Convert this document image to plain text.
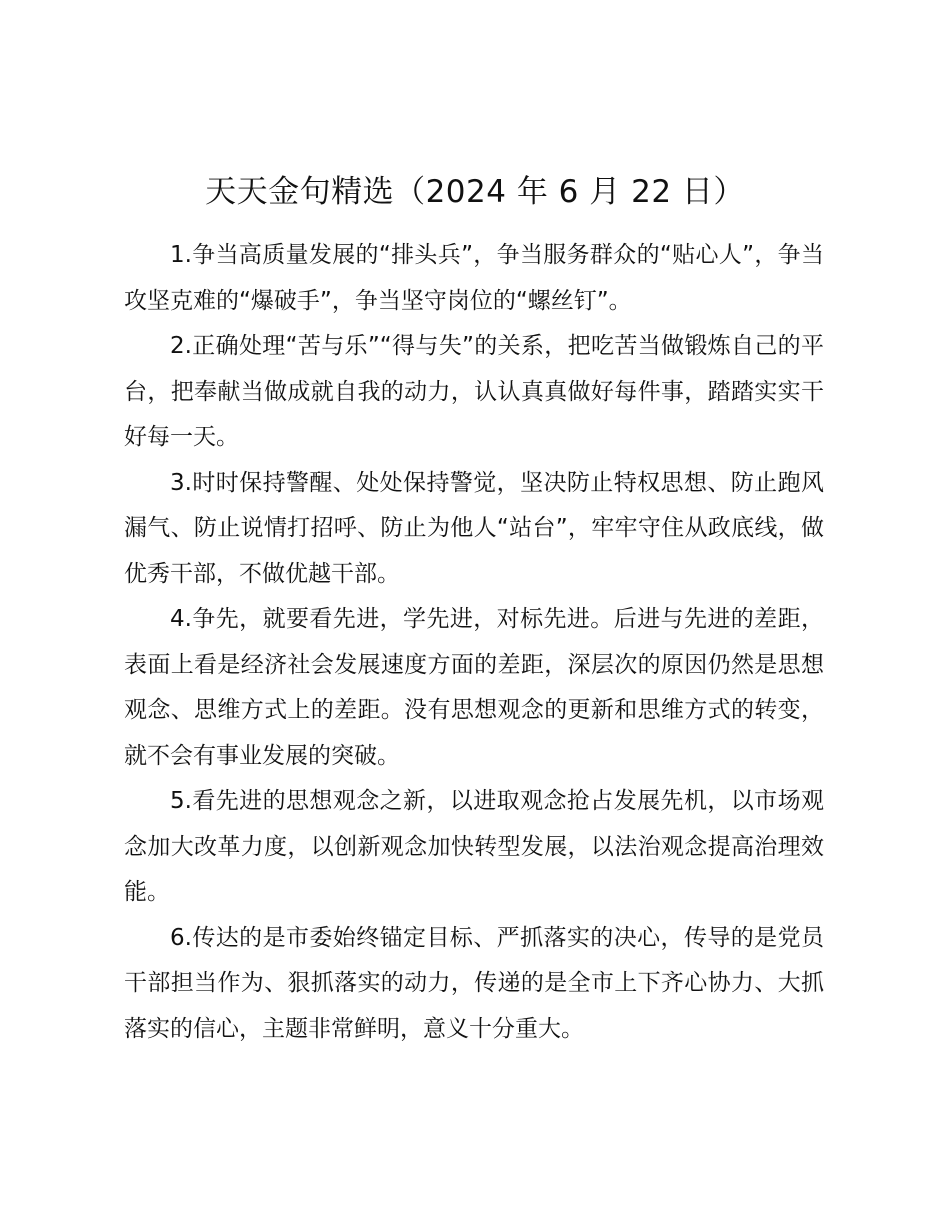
天天金句精选（2024 年 6 月 22 日）

1.争当高质量发展的“排头兵”，争当服务群众的“贴心人”，争当攻坚克难的“爆破手”，争当坚守岗位的“螺丝钉”。

2.正确处理“苦与乐”“得与失”的关系，把吃苦当做锻炼自己的平台，把奉献当做成就自我的动力，认认真真做好每件事，踏踏实实干好每一天。

3.时时保持警醒、处处保持警觉，坚决防止特权思想、防止跑风漏气、防止说情打招呼、防止为他人“站台”，牢牢守住从政底线，做优秀干部，不做优越干部。

4.争先，就要看先进，学先进，对标先进。后进与先进的差距，表面上看是经济社会发展速度方面的差距，深层次的原因仍然是思想观念、思维方式上的差距。没有思想观念的更新和思维方式的转变，就不会有事业发展的突破。

5.看先进的思想观念之新，以进取观念抢占发展先机，以市场观念加大改革力度，以创新观念加快转型发展，以法治观念提高治理效能。

6.传达的是市委始终锚定目标、严抓落实的决心，传导的是党员干部担当作为、狠抓落实的动力，传递的是全市上下齐心协力、大抓落实的信心，主题非常鲜明，意义十分重大。
